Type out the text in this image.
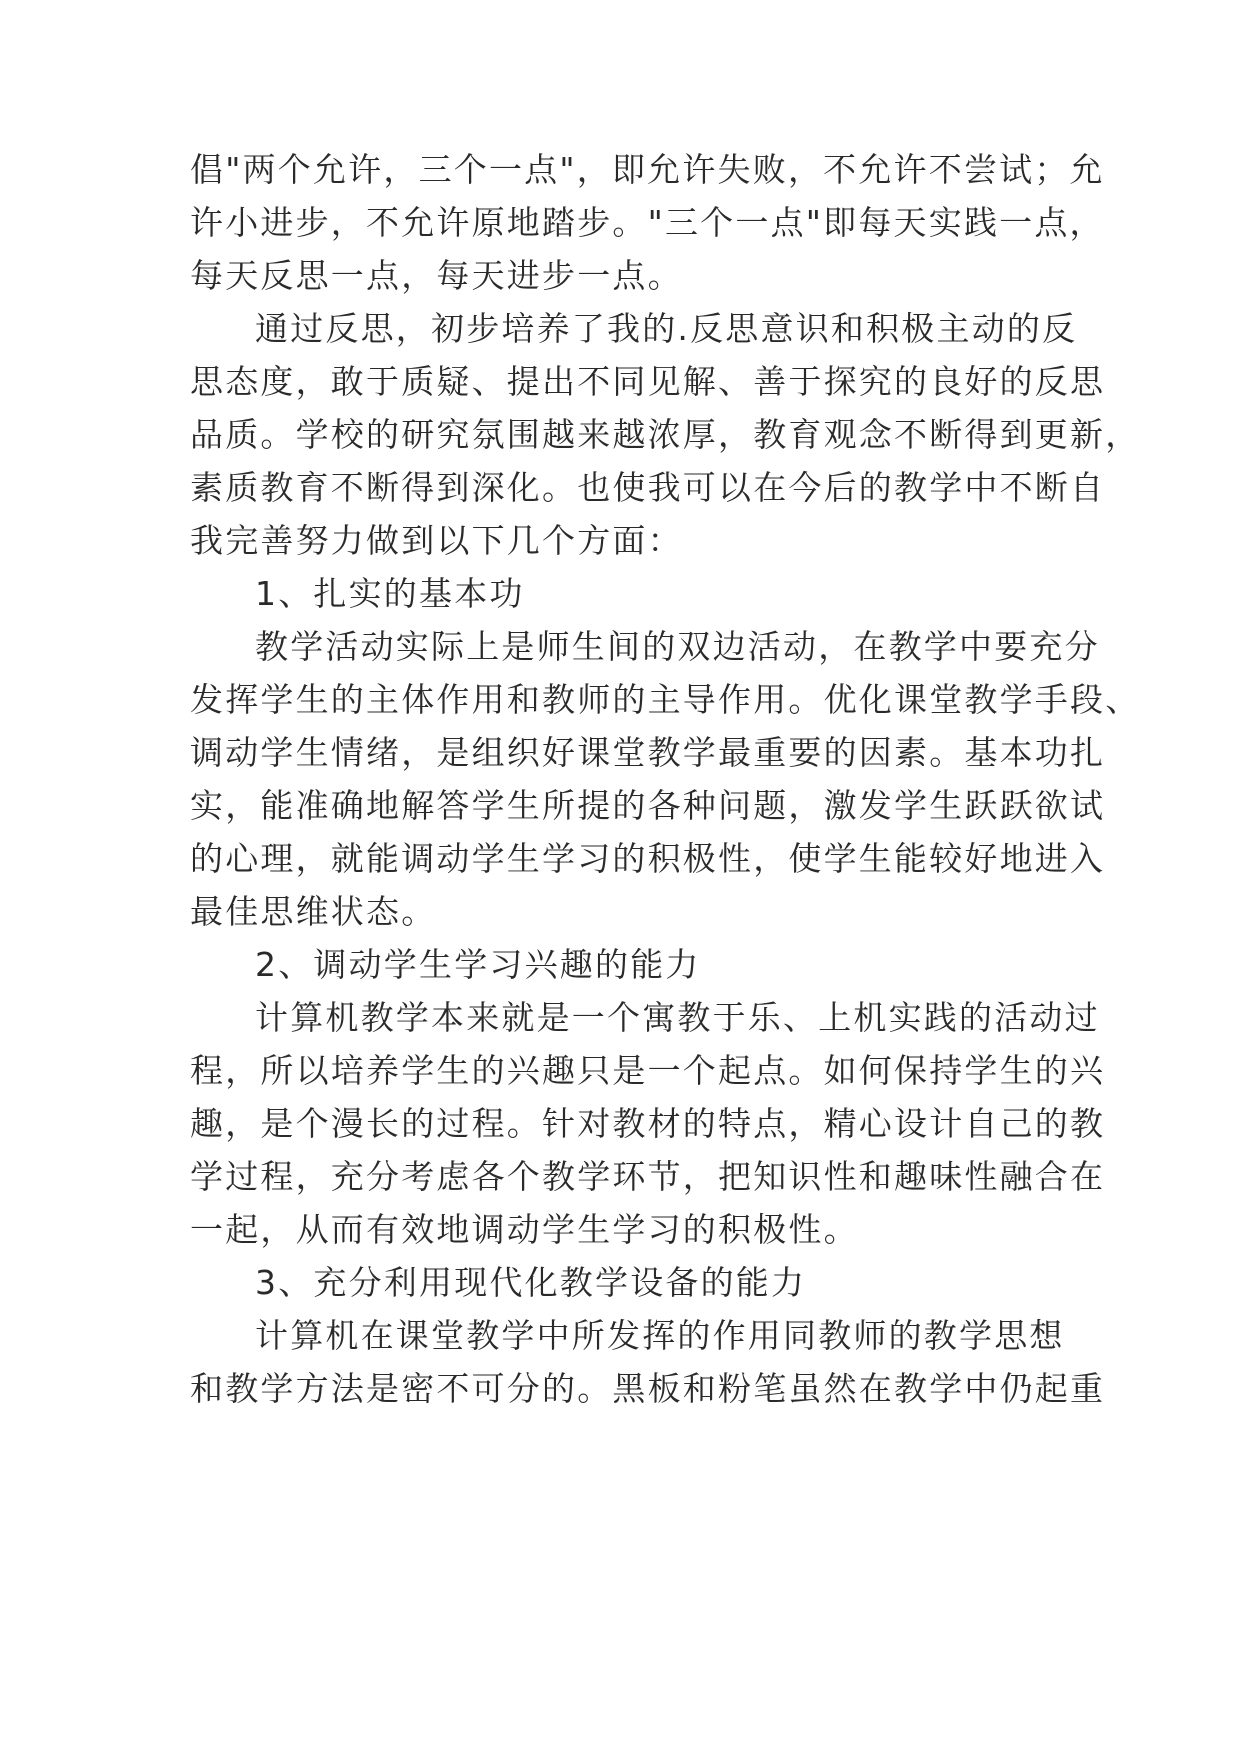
倡"两个允许，三个一点"，即允许失败，不允许不尝试；允
许小进步，不允许原地踏步。"三个一点"即每天实践一点，
每天反思一点，每天进步一点。
通过反思，初步培养了我的.反思意识和积极主动的反
思态度，敢于质疑、提出不同见解、善于探究的良好的反思
品质。学校的研究氛围越来越浓厚，教育观念不断得到更新，
素质教育不断得到深化。也使我可以在今后的教学中不断自
我完善努力做到以下几个方面：
1、扎实的基本功
教学活动实际上是师生间的双边活动，在教学中要充分
发挥学生的主体作用和教师的主导作用。优化课堂教学手段、
调动学生情绪，是组织好课堂教学最重要的因素。基本功扎
实，能准确地解答学生所提的各种问题，激发学生跃跃欲试
的心理，就能调动学生学习的积极性，使学生能较好地进入
最佳思维状态。
2、调动学生学习兴趣的能力
计算机教学本来就是一个寓教于乐、上机实践的活动过
程，所以培养学生的兴趣只是一个起点。如何保持学生的兴
趣，是个漫长的过程。针对教材的特点，精心设计自己的教
学过程，充分考虑各个教学环节，把知识性和趣味性融合在
一起，从而有效地调动学生学习的积极性。
3、充分利用现代化教学设备的能力
计算机在课堂教学中所发挥的作用同教师的教学思想
和教学方法是密不可分的。黑板和粉笔虽然在教学中仍起重
